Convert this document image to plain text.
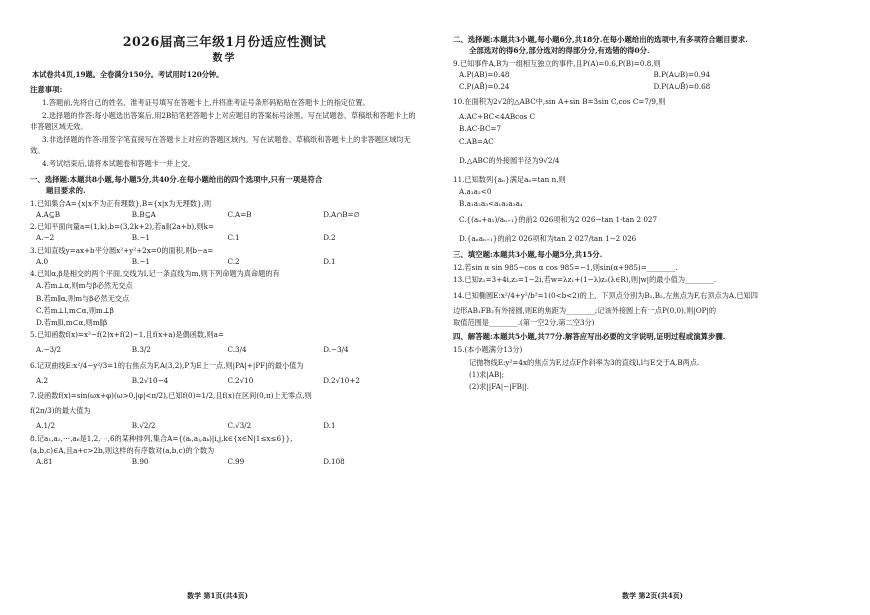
2026届高三年级1月份适应性测试
数学
本试卷共4页,19题。全卷满分150分。考试用时120分钟。
注意事项:
1.答题前,先将自己的姓名、准考证号填写在答题卡上,并将准考证号条形码粘贴在答题卡上的指定位置。
2.选择题的作答:每小题选出答案后,用2B铅笔把答题卡上对应题目的答案标号涂黑。写在试题卷、草稿纸和答题卡上的非答题区域无效。
3.非选择题的作答:用签字笔直接写在答题卡上对应的答题区域内。写在试题卷、草稿纸和答题卡上的非答题区域均无效。
4.考试结束后,请将本试题卷和答题卡一并上交。
一、选择题:本题共8小题,每小题5分,共40分.在每小题给出的四个选项中,只有一项是符合
题目要求的.
1.已知集合A={x|x不为正有理数},B={x|x为无理数},则
A.A⊆B	B.B⊆A	C.A=B	D.A∩B=∅
2.已知平面向量a=(1,k),b=(3,2k+2),若a∥(2a+b),则k=
A.−2	B.−1	C.1	D.2
3.已知直线y=ax+b平分圆x²+y²+2x=0的面积,则b−a=
A.0	B.−1	C.2	D.1
4.已知α,β是相交的两个平面,交线为l,记一条直线为m,则下列命题为真命题的有
A.若m⊥α,则m与β必然无交点
B.若m∥α,则m与β必然无交点
C.若m⊥l,m⊂α,则m⊥β
D.若m∥l,m⊂α,则m∥β
5.已知函数f(x)=x²−f(2)x+f(2)−1,且f(x+a)是偶函数,则a=
A.−3/2	B.3/2	C.3/4	D.−3/4
6.记双曲线E:x²/4−y²/3=1的右焦点为F,A(3,2),P为E上一点,则|PA|+|PF|的最小值为
A.2	B.2√10−4	C.2√10	D.2√10+2
7.设函数f(x)=sin(ωx+φ)(ω>0,|φ|<π/2),已知f(0)=1/2,且f(x)在区间(0,π)上无零点,则
f(2π/3)的最大值为
A.1/2	B.√2/2	C.√3/2	D.1
8.记a₁,a₂,⋯,a₆是1,2,⋯,6的某种排列,集合A={(aᵢ,aⱼ,aₖ)|i,j,k∈{x∈N|1≤x≤6}},
(a,b,c)∈A,且a+c>2b,则这样的有序数对(a,b,c)的个数为
A.81	B.90	C.99	D.108
数学 第1页(共4页)
二、选择题:本题共3小题,每小题6分,共18分.在每小题给出的选项中,有多项符合题目要求.
全部选对的得6分,部分选对的得部分分,有选错的得0分.
9.已知事件A,B为一组相互独立的事件,且P(A)=0.6,P(B)=0.8,则
A.P(AB)=0.48	B.P(A∪B)=0.94
C.P(AB̄)=0.24	D.P(A∪B̄)=0.68
10.在面积为2√2的△ABC中,sin A+sin B=3sin C,cos C=7/9,则
A.AC+BC<4ABcos C
B.AC·BC=7
C.AB=AC
D.△ABC的外接圆半径为9√2/4
11.已知数列{aₙ}满足aₙ=tan n,则
A.a₁a₂<0
B.a₁a₂a₃<a₁a₂a₃a₄
C.{(aₙ+a₁)/aₙ₊₁}的前2 026项和为2 026−tan 1·tan 2 027
D.{aₙaₙ₊₁}的前2 026项和为tan 2 027/tan 1−2 026
三、填空题:本题共3小题,每小题5分,共15分.
12.若sin α sin 985−cos α cos 985=−1,则sin(α+985)=________.
13.已知z₁=3+4i,z₂=1−2i,若w=λz₁+(1−λ)z₂(λ∈R),则|w|的最小值为________.
14.已知椭圆E:x²/4+y²/b²=1(0<b<2)的上、下顶点分别为B₁,B₂,左焦点为F,右顶点为A,已知四
边形AB₁FB₂有外接圆,则E的焦距为________;记该外接圆上有一点P(0,0),则|OP|的
取值范围是________.(第一空2分,第二空3分)
四、解答题:本题共5小题,共77分.解答应写出必要的文字说明,证明过程或演算步骤.
15.(本小题满分13分)
记抛物线E:y²=4x的焦点为F,过点F作斜率为3的直线l,l与E交于A,B两点.
(1)求|AB|;
(2)求||FA|−|FB||.
数学 第2页(共4页)
